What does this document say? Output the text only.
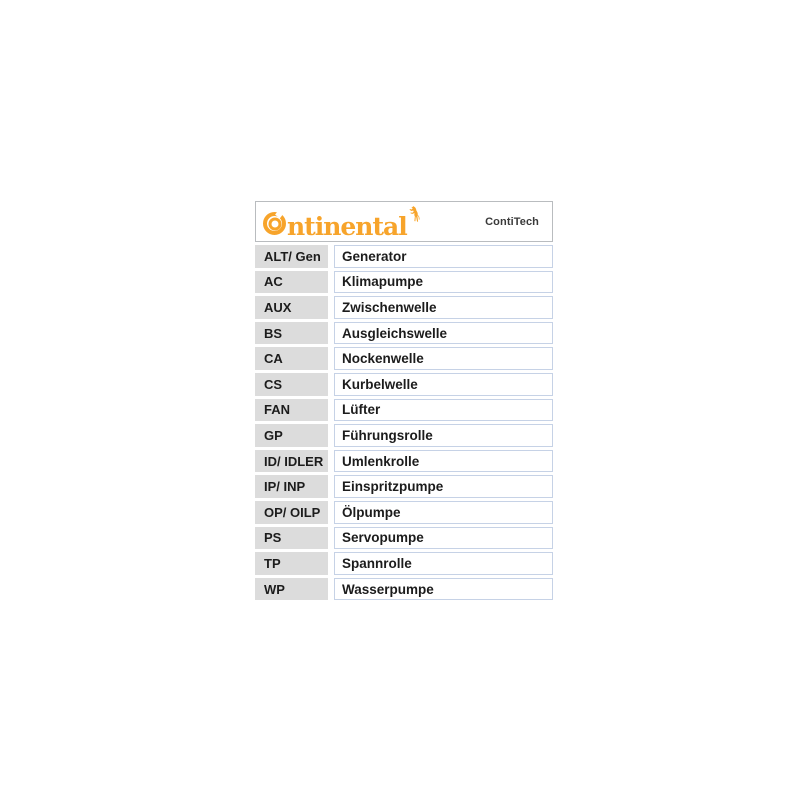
ntinental	ContiTech
ALT/ Gen	Generator
AC	Klimapumpe
AUX	Zwischenwelle
BS	Ausgleichswelle
CA	Nockenwelle
CS	Kurbelwelle
FAN	Lüfter
GP	Führungsrolle
ID/ IDLER	Umlenkrolle
IP/ INP	Einspritzpumpe
OP/ OILP	Ölpumpe
PS	Servopumpe
TP	Spannrolle
WP	Wasserpumpe
